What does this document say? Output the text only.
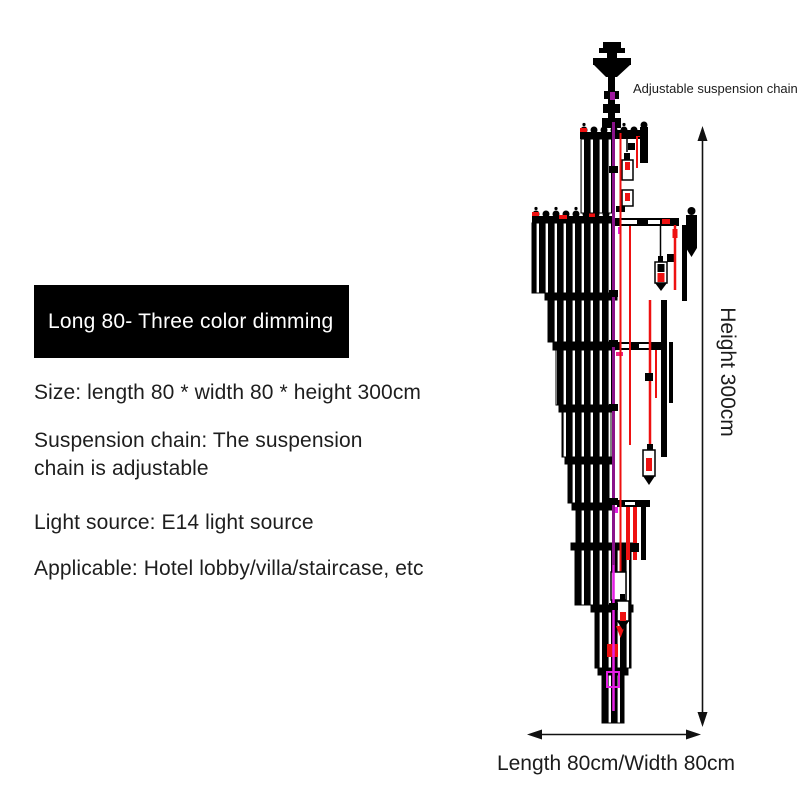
Long 80- Three color dimming
Size: length 80 * width 80 * height 300cm
Suspension chain: The suspension
chain is adjustable
Light source: E14 light source
Applicable: Hotel lobby/villa/staircase, etc
Height 300cm
Length 80cm/Width 80cm
Adjustable suspension chain
